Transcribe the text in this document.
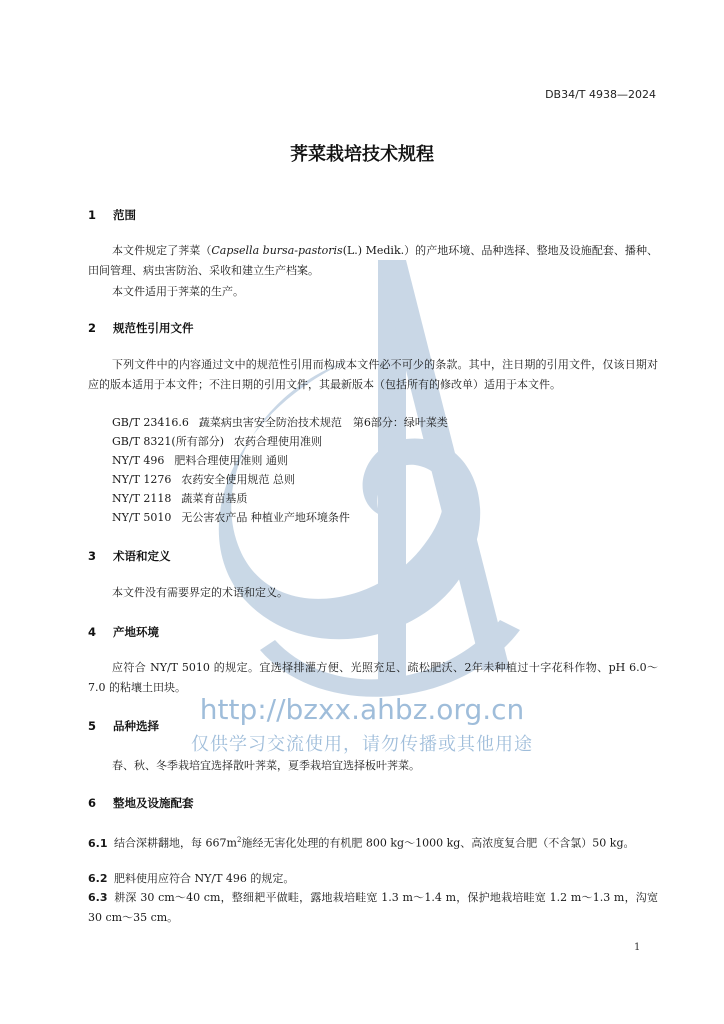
http://bzxx.ahbz.org.cn
仅供学习交流使用，请勿传播或其他用途
DB34/T 4938—2024
荠菜栽培技术规程
1 范围
本文件规定了荠菜（Capsella bursa-pastoris(L.) Medik.）的产地环境、品种选择、整地及设施配套、播种、田间管理、病虫害防治、采收和建立生产档案。
本文件适用于荠菜的生产。
2 规范性引用文件
下列文件中的内容通过文中的规范性引用而构成本文件必不可少的条款。其中，注日期的引用文件，仅该日期对应的版本适用于本文件；不注日期的引用文件，其最新版本（包括所有的修改单）适用于本文件。
GB/T 23416.6 蔬菜病虫害安全防治技术规范　第6部分：绿叶菜类
GB/T 8321(所有部分) 农药合理使用准则
NY/T 496 肥料合理使用准则 通则
NY/T 1276 农药安全使用规范 总则
NY/T 2118 蔬菜育苗基质
NY/T 5010 无公害农产品 种植业产地环境条件
3 术语和定义
本文件没有需要界定的术语和定义。
4 产地环境
应符合 NY/T 5010 的规定。宜选择排灌方便、光照充足、疏松肥沃、2年未种植过十字花科作物、pH 6.0～7.0 的粘壤土田块。
5 品种选择
春、秋、冬季栽培宜选择散叶荠菜，夏季栽培宜选择板叶荠菜。
6 整地及设施配套
6.1 结合深耕翻地，每 $667m^2$施经无害化处理的有机肥 800 kg～1000 kg、高浓度复合肥（不含氯）50 kg。
6.2 肥料使用应符合 NY/T 496 的规定。
6.3 耕深 30 cm～40 cm，整细耙平做畦，露地栽培畦宽 1.3 m～1.4 m，保护地栽培畦宽 1.2 m～1.3 m，沟宽 30 cm～35 cm。
1
